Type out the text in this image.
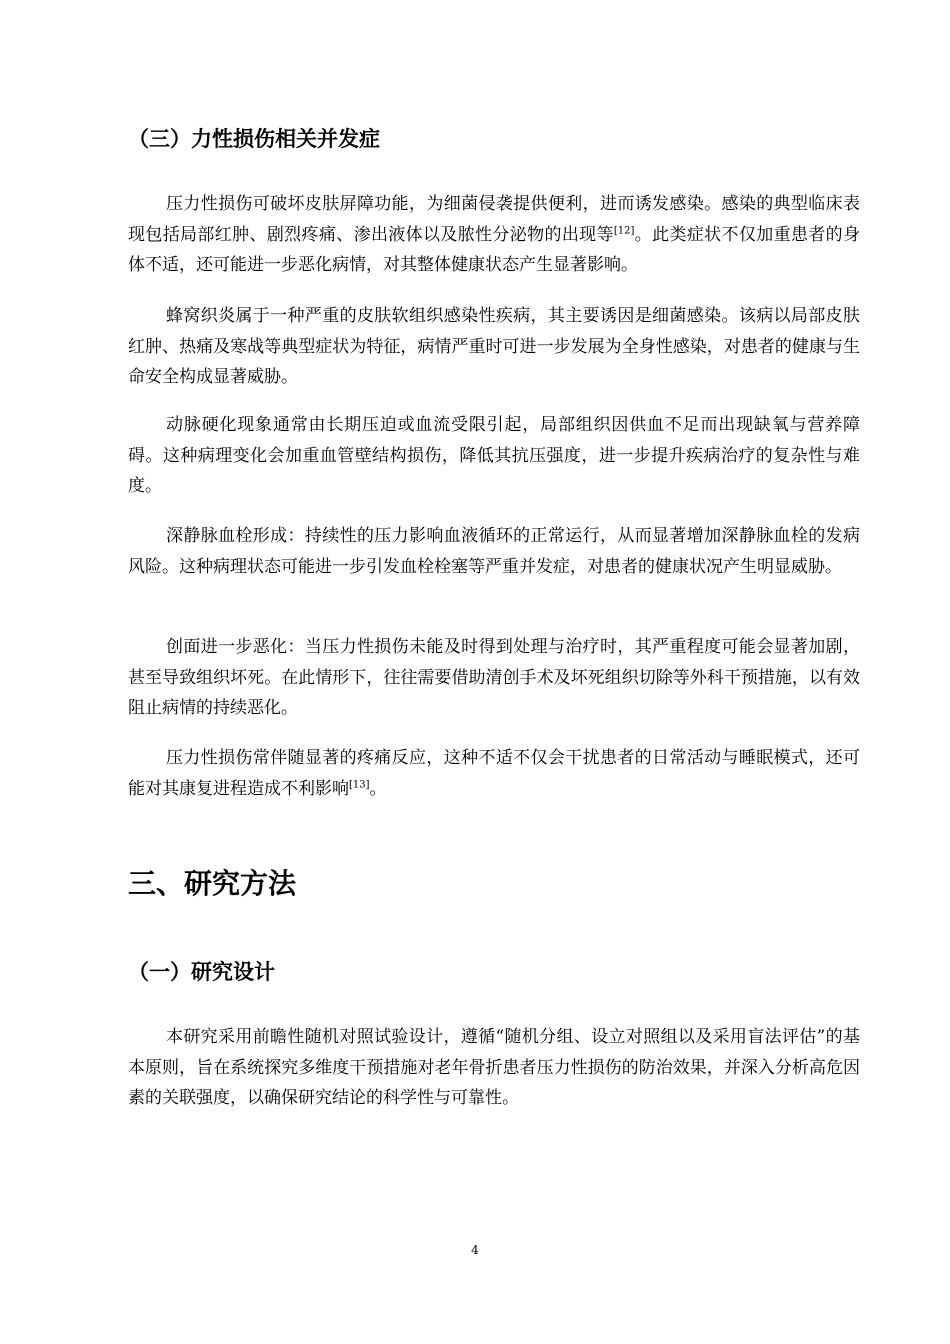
（三）力性损伤相关并发症

压力性损伤可破坏皮肤屏障功能，为细菌侵袭提供便利，进而诱发感染。感染的典型临床表现包括局部红肿、剧烈疼痛、渗出液体以及脓性分泌物的出现等[12]。此类症状不仅加重患者的身体不适，还可能进一步恶化病情，对其整体健康状态产生显著影响。

蜂窝织炎属于一种严重的皮肤软组织感染性疾病，其主要诱因是细菌感染。该病以局部皮肤红肿、热痛及寒战等典型症状为特征，病情严重时可进一步发展为全身性感染，对患者的健康与生命安全构成显著威胁。

动脉硬化现象通常由长期压迫或血流受限引起，局部组织因供血不足而出现缺氧与营养障碍。这种病理变化会加重血管壁结构损伤，降低其抗压强度，进一步提升疾病治疗的复杂性与难度。

深静脉血栓形成：持续性的压力影响血液循环的正常运行，从而显著增加深静脉血栓的发病风险。这种病理状态可能进一步引发血栓栓塞等严重并发症，对患者的健康状况产生明显威胁。

创面进一步恶化：当压力性损伤未能及时得到处理与治疗时，其严重程度可能会显著加剧，甚至导致组织坏死。在此情形下，往往需要借助清创手术及坏死组织切除等外科干预措施，以有效阻止病情的持续恶化。

压力性损伤常伴随显著的疼痛反应，这种不适不仅会干扰患者的日常活动与睡眠模式，还可能对其康复进程造成不利影响[13]。

三、研究方法
（一）研究设计

本研究采用前瞻性随机对照试验设计，遵循“随机分组、设立对照组以及采用盲法评估”的基本原则，旨在系统探究多维度干预措施对老年骨折患者压力性损伤的防治效果，并深入分析高危因素的关联强度，以确保研究结论的科学性与可靠性。

4
